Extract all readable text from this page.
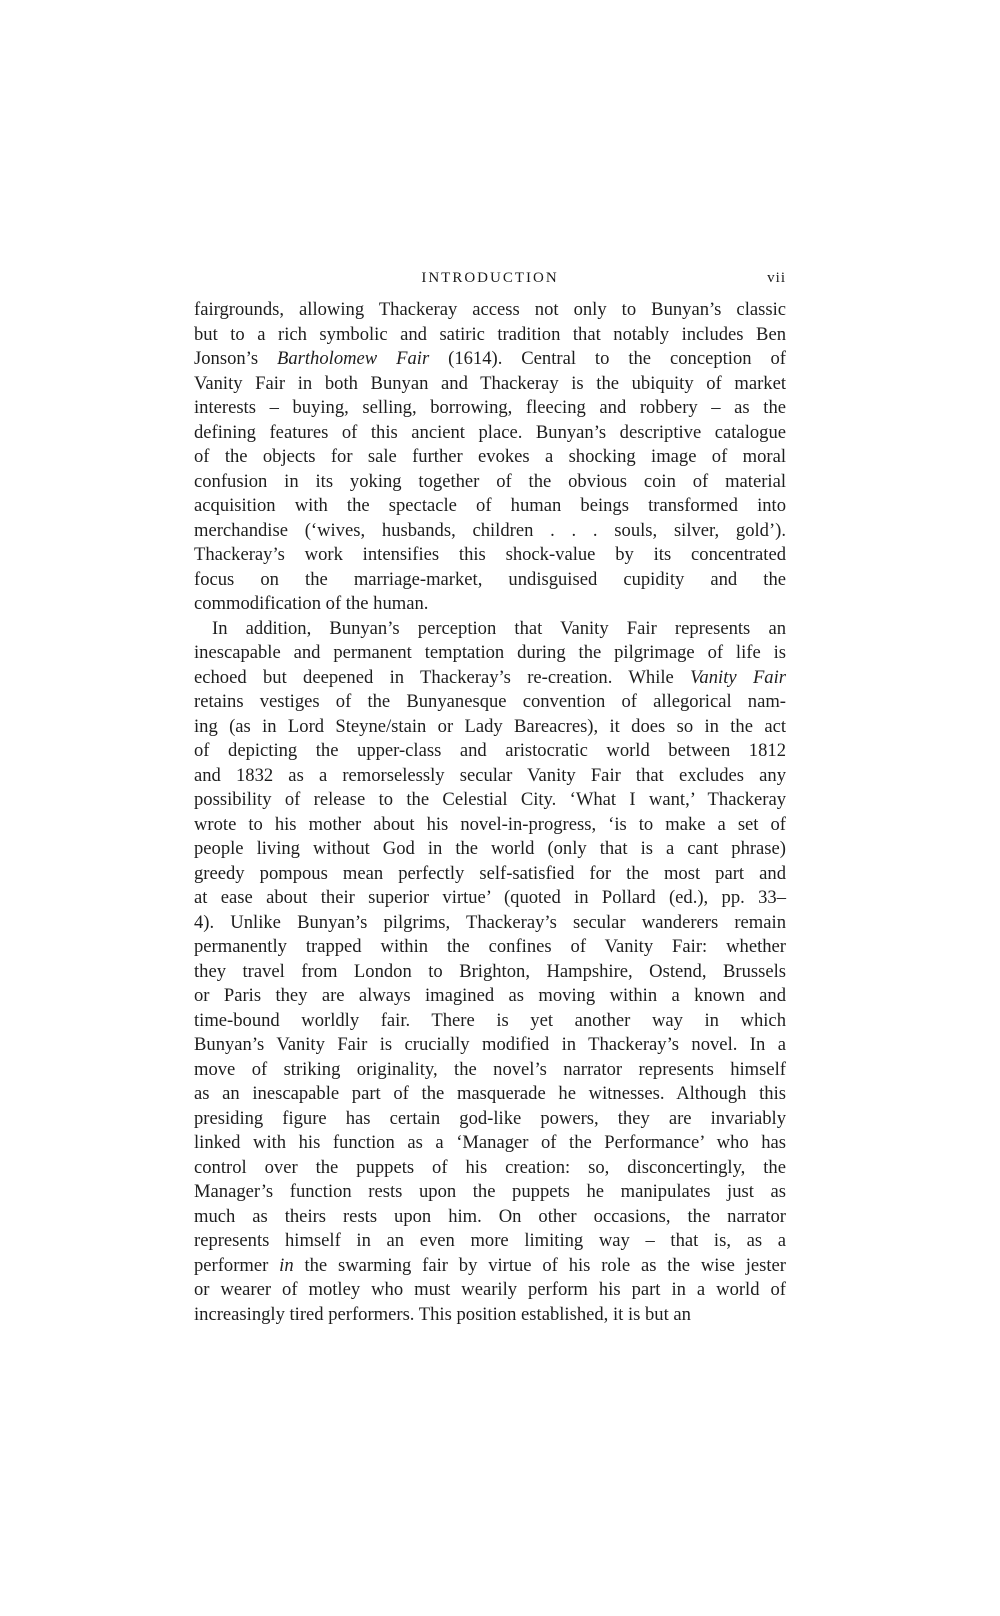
INTRODUCTION	vii
fairgrounds, allowing Thackeray access not only to Bunyan’s classic
but to a rich symbolic and satiric tradition that notably includes Ben
Jonson’s Bartholomew Fair (1614). Central to the conception of
Vanity Fair in both Bunyan and Thackeray is the ubiquity of market
interests – buying, selling, borrowing, fleecing and robbery – as the
defining features of this ancient place. Bunyan’s descriptive catalogue
of the objects for sale further evokes a shocking image of moral
confusion in its yoking together of the obvious coin of material
acquisition with the spectacle of human beings transformed into
merchandise (‘wives, husbands, children . . . souls, silver, gold’).
Thackeray’s work intensifies this shock-value by its concentrated
focus on the marriage-market, undisguised cupidity and the
commodification of the human.
In addition, Bunyan’s perception that Vanity Fair represents an
inescapable and permanent temptation during the pilgrimage of life is
echoed but deepened in Thackeray’s re-creation. While Vanity Fair
retains vestiges of the Bunyanesque convention of allegorical nam-
ing (as in Lord Steyne/stain or Lady Bareacres), it does so in the act
of depicting the upper-class and aristocratic world between 1812
and 1832 as a remorselessly secular Vanity Fair that excludes any
possibility of release to the Celestial City. ‘What I want,’ Thackeray
wrote to his mother about his novel-in-progress, ‘is to make a set of
people living without God in the world (only that is a cant phrase)
greedy pompous mean perfectly self-satisfied for the most part and
at ease about their superior virtue’ (quoted in Pollard (ed.), pp. 33–
4). Unlike Bunyan’s pilgrims, Thackeray’s secular wanderers remain
permanently trapped within the confines of Vanity Fair: whether
they travel from London to Brighton, Hampshire, Ostend, Brussels
or Paris they are always imagined as moving within a known and
time-bound worldly fair. There is yet another way in which
Bunyan’s Vanity Fair is crucially modified in Thackeray’s novel. In a
move of striking originality, the novel’s narrator represents himself
as an inescapable part of the masquerade he witnesses. Although this
presiding figure has certain god-like powers, they are invariably
linked with his function as a ‘Manager of the Performance’ who has
control over the puppets of his creation: so, disconcertingly, the
Manager’s function rests upon the puppets he manipulates just as
much as theirs rests upon him. On other occasions, the narrator
represents himself in an even more limiting way – that is, as a
performer in the swarming fair by virtue of his role as the wise jester
or wearer of motley who must wearily perform his part in a world of
increasingly tired performers. This position established, it is but an
